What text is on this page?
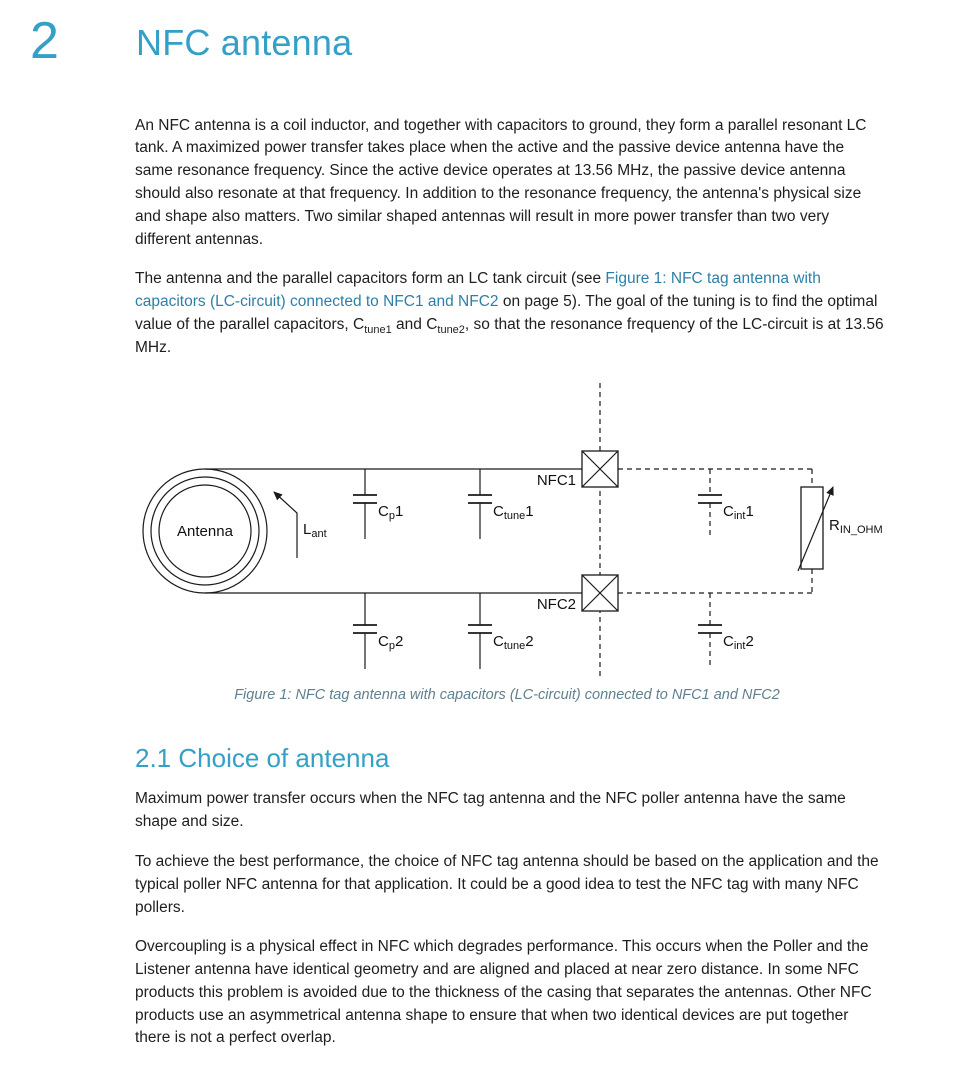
2	NFC antenna

An NFC antenna is a coil inductor, and together with capacitors to ground, they form a parallel resonant LC tank. A maximized power transfer takes place when the active and the passive device antenna have the same resonance frequency. Since the active device operates at 13.56 MHz, the passive device antenna should also resonate at that frequency. In addition to the resonance frequency, the antenna's physical size and shape also matters. Two similar shaped antennas will result in more power transfer than two very different antennas.

The antenna and the parallel capacitors form an LC tank circuit (see Figure 1: NFC tag antenna with capacitors (LC-circuit) connected to NFC1 and NFC2 on page 5). The goal of the tuning is to find the optimal value of the parallel capacitors, $C_{tune1}$ and $C_{tune2}$, so that the resonance frequency of the LC-circuit is at 13.56 MHz.

Antenna	$L_{ant}$
$C_p1$	$C_{tune}1$
$C_p2$	$C_{tune}2$
$C_{int}1$
$C_{int}2$
$R_{IN\_OHM}$
NFC1
NFC2
Figure 1: NFC tag antenna with capacitors (LC-circuit) connected to NFC1 and NFC2
2.1 Choice of antenna

Maximum power transfer occurs when the NFC tag antenna and the NFC poller antenna have the same shape and size.

To achieve the best performance, the choice of NFC tag antenna should be based on the application and the typical poller NFC antenna for that application. It could be a good idea to test the NFC tag with many NFC pollers.

Overcoupling is a physical effect in NFC which degrades performance. This occurs when the Poller and the Listener antenna have identical geometry and are aligned and placed at near zero distance. In some NFC products this problem is avoided due to the thickness of the casing that separates the antennas. Other NFC products use an asymmetrical antenna shape to ensure that when two identical devices are put together there is not a perfect overlap.
